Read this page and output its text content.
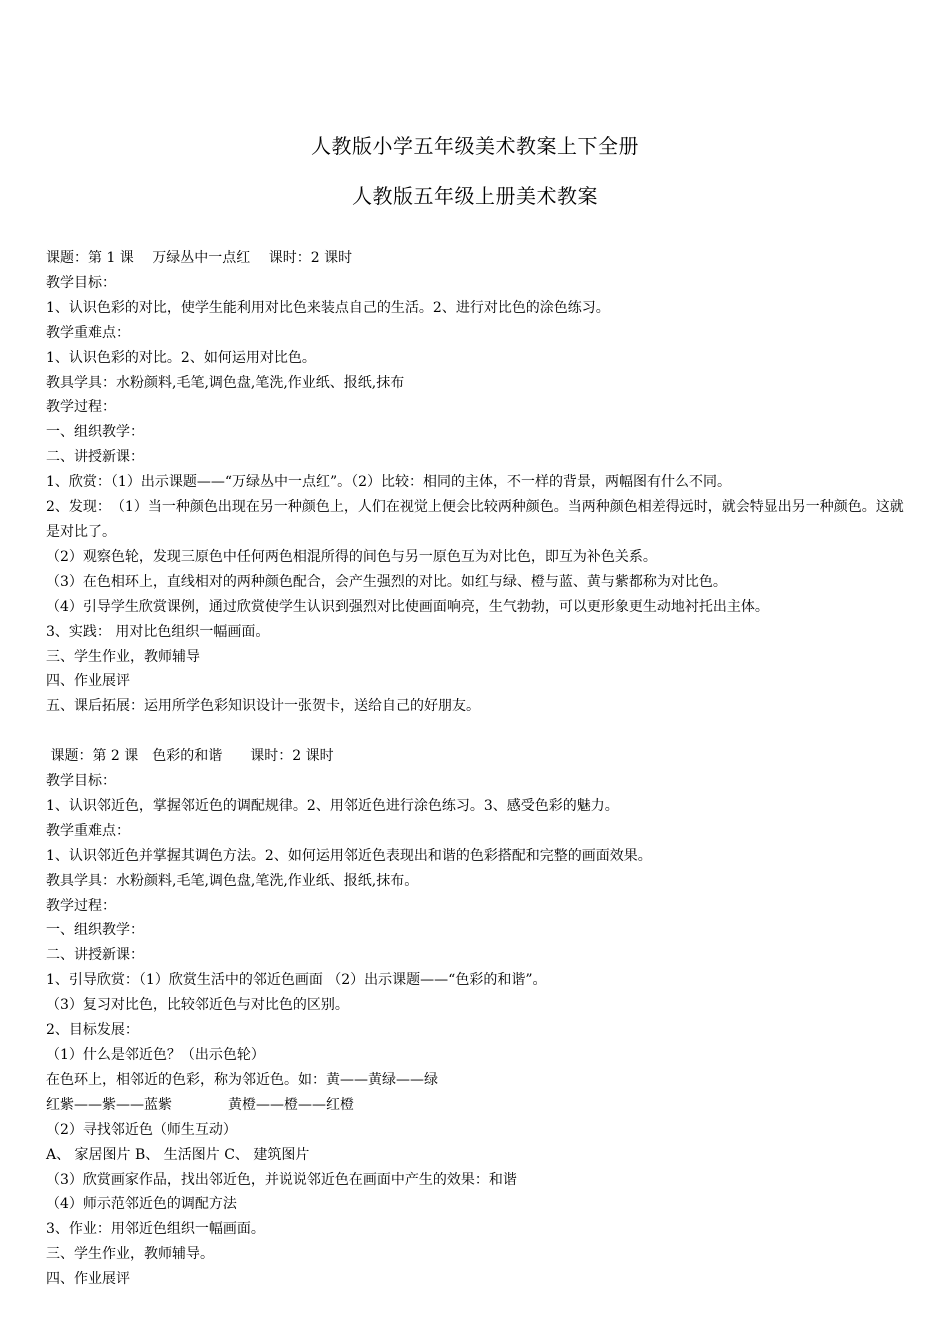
人教版小学五年级美术教案上下全册
人教版五年级上册美术教案
课题：第 1 课　 万绿丛中一点红　 课时：2 课时
教学目标：
1、认识色彩的对比，使学生能利用对比色来装点自己的生活。2、进行对比色的涂色练习。
教学重难点：
1、认识色彩的对比。2、如何运用对比色。
教具学具：水粉颜料,毛笔,调色盘,笔洗,作业纸、报纸,抹布
教学过程：
一、组织教学：
二、讲授新课：
1、欣赏：（1）出示课题——“万绿丛中一点红”。（2）比较：相同的主体，不一样的背景，两幅图有什么不同。
2、发现：　（1）当一种颜色出现在另一种颜色上，人们在视觉上便会比较两种颜色。当两种颜色相差得远时，就会特显出另一种颜色。这就是对比了。
（2）观察色轮，发现三原色中任何两色相混所得的间色与另一原色互为对比色，即互为补色关系。
（3）在色相环上，直线相对的两种颜色配合，会产生强烈的对比。如红与绿、橙与蓝、黄与紫都称为对比色。
（4）引导学生欣赏课例，通过欣赏使学生认识到强烈对比使画面响亮，生气勃勃，可以更形象更生动地衬托出主体。
3、实践： 用对比色组织一幅画面。
三、学生作业，教师辅导
四、作业展评
五、课后拓展：运用所学色彩知识设计一张贺卡，送给自己的好朋友。
课题：第 2 课　色彩的和谐　　课时：2 课时
教学目标：
1、认识邻近色，掌握邻近色的调配规律。2、用邻近色进行涂色练习。3、感受色彩的魅力。
教学重难点：
1、认识邻近色并掌握其调色方法。2、如何运用邻近色表现出和谐的色彩搭配和完整的画面效果。
教具学具：水粉颜料,毛笔,调色盘,笔洗,作业纸、报纸,抹布。
教学过程：
一、组织教学：
二、讲授新课：
1、引导欣赏：（1）欣赏生活中的邻近色画面 （2）出示课题——“色彩的和谐”。
（3）复习对比色，比较邻近色与对比色的区别。
2、目标发展：
（1）什么是邻近色？（出示色轮）
在色环上，相邻近的色彩，称为邻近色。如：黄——黄绿——绿
红紫——紫——蓝紫　　　　黄橙——橙——红橙
（2）寻找邻近色（师生互动）
A、 家居图片 B、 生活图片 C、 建筑图片
（3）欣赏画家作品，找出邻近色，并说说邻近色在画面中产生的效果：和谐
（4）师示范邻近色的调配方法
3、作业：用邻近色组织一幅画面。
三、学生作业，教师辅导。
四、作业展评
